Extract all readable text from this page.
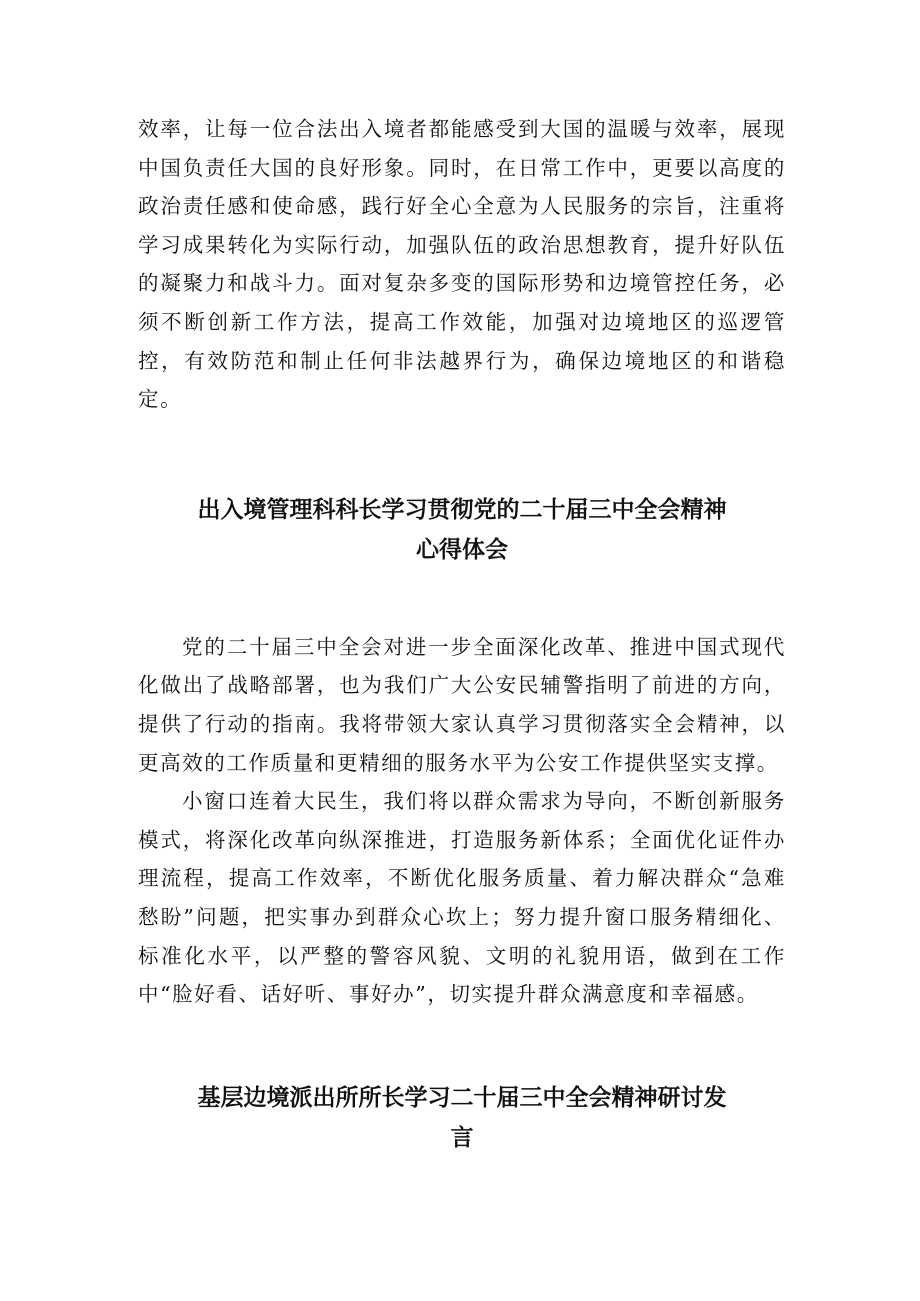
效率，让每一位合法出入境者都能感受到大国的温暖与效率，展现中国负责任大国的良好形象。同时，在日常工作中，更要以高度的政治责任感和使命感，践行好全心全意为人民服务的宗旨，注重将学习成果转化为实际行动，加强队伍的政治思想教育，提升好队伍的凝聚力和战斗力。面对复杂多变的国际形势和边境管控任务，必须不断创新工作方法，提高工作效能，加强对边境地区的巡逻管控，有效防范和制止任何非法越界行为，确保边境地区的和谐稳定。

出入境管理科科长学习贯彻党的二十届三中全会精神
心得体会

党的二十届三中全会对进一步全面深化改革、推进中国式现代化做出了战略部署，也为我们广大公安民辅警指明了前进的方向，提供了行动的指南。我将带领大家认真学习贯彻落实全会精神，以更高效的工作质量和更精细的服务水平为公安工作提供坚实支撑。

小窗口连着大民生，我们将以群众需求为导向，不断创新服务模式，将深化改革向纵深推进，打造服务新体系；全面优化证件办理流程，提高工作效率，不断优化服务质量、着力解决群众“急难愁盼”问题，把实事办到群众心坎上；努力提升窗口服务精细化、标准化水平，以严整的警容风貌、文明的礼貌用语，做到在工作中“脸好看、话好听、事好办”，切实提升群众满意度和幸福感。

基层边境派出所所长学习二十届三中全会精神研讨发
言
